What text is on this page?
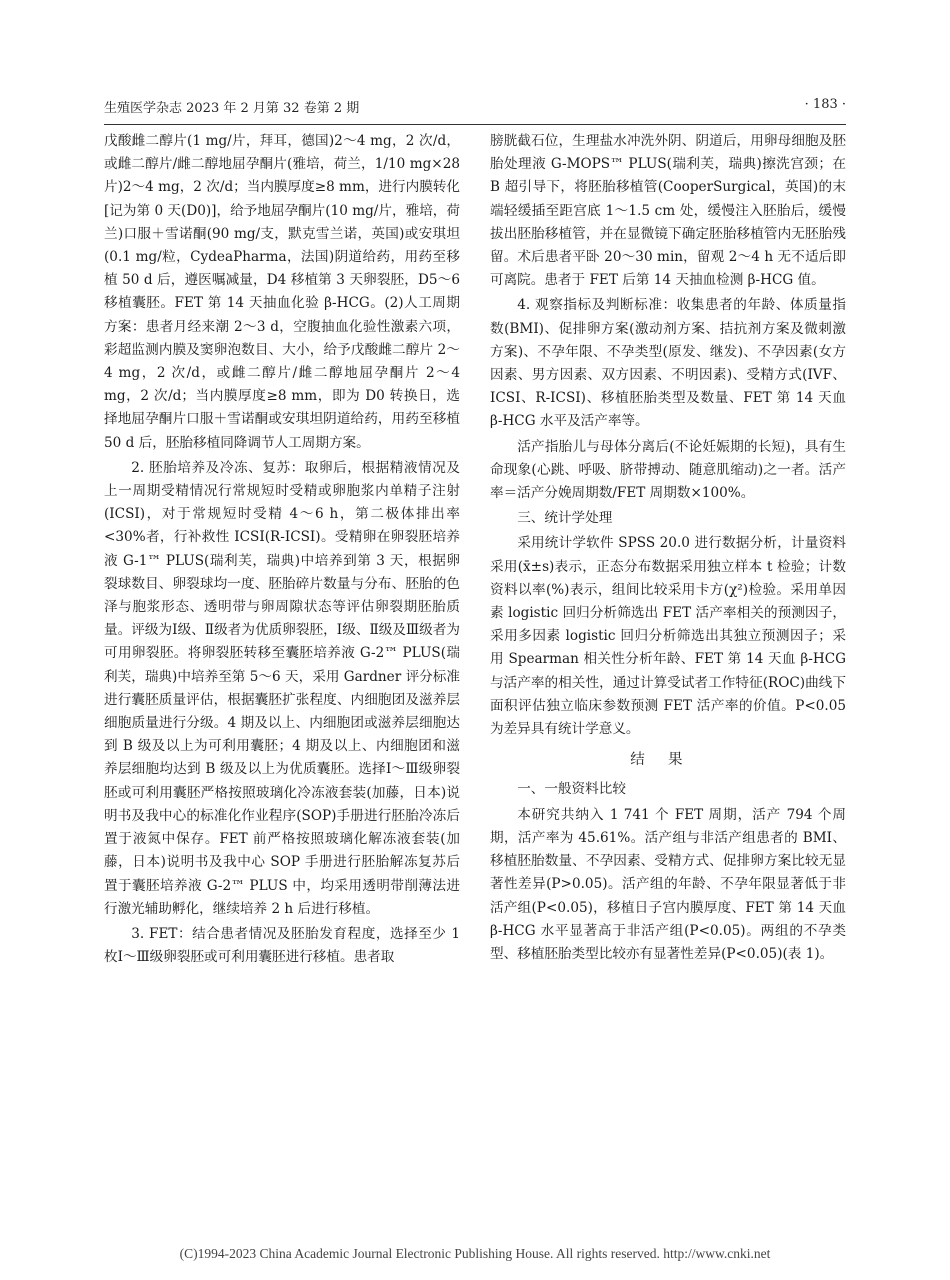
生殖医学杂志 2023 年 2 月第 32 卷第 2 期	· 183 ·

戊酸雌二醇片(1 mg/片，拜耳，德国)2～4 mg，2 次/d，或雌二醇片/雌二醇地屈孕酮片(雅培，荷兰，1/10 mg×28 片)2～4 mg，2 次/d；当内膜厚度≥8 mm，进行内膜转化[记为第 0 天(D0)]，给予地屈孕酮片(10 mg/片，雅培，荷兰)口服＋雪诺酮(90 mg/支，默克雪兰诺，英国)或安琪坦(0.1 mg/粒，CydeaPharma，法国)阴道给药，用药至移植 50 d 后，遵医嘱减量，D4 移植第 3 天卵裂胚，D5～6 移植囊胚。FET 第 14 天抽血化验 β-HCG。(2)人工周期方案：患者月经来潮 2～3 d，空腹抽血化验性激素六项，彩超监测内膜及窦卵泡数目、大小，给予戊酸雌二醇片 2～4 mg，2 次/d，或雌二醇片/雌二醇地屈孕酮片 2～4 mg，2 次/d；当内膜厚度≥8 mm，即为 D0 转换日，选择地屈孕酮片口服＋雪诺酮或安琪坦阴道给药，用药至移植 50 d 后，胚胎移植同降调节人工周期方案。

2. 胚胎培养及冷冻、复苏：取卵后，根据精液情况及上一周期受精情况行常规短时受精或卵胞浆内单精子注射(ICSI)，对于常规短时受精 4～6 h，第二极体排出率<30%者，行补救性 ICSI(R-ICSI)。受精卵在卵裂胚培养液 G-1™ PLUS(瑞利芙，瑞典)中培养到第 3 天，根据卵裂球数目、卵裂球均一度、胚胎碎片数量与分布、胚胎的色泽与胞浆形态、透明带与卵周隙状态等评估卵裂期胚胎质量。评级为Ⅰ级、Ⅱ级者为优质卵裂胚，Ⅰ级、Ⅱ级及Ⅲ级者为可用卵裂胚。将卵裂胚转移至囊胚培养液 G-2™ PLUS(瑞利芙，瑞典)中培养至第 5～6 天，采用 Gardner 评分标准进行囊胚质量评估，根据囊胚扩张程度、内细胞团及滋养层细胞质量进行分级。4 期及以上、内细胞团或滋养层细胞达到 B 级及以上为可利用囊胚；4 期及以上、内细胞团和滋养层细胞均达到 B 级及以上为优质囊胚。选择Ⅰ～Ⅲ级卵裂胚或可利用囊胚严格按照玻璃化冷冻液套装(加藤，日本)说明书及我中心的标准化作业程序(SOP)手册进行胚胎冷冻后置于液氮中保存。FET 前严格按照玻璃化解冻液套装(加藤，日本)说明书及我中心 SOP 手册进行胚胎解冻复苏后置于囊胚培养液 G-2™ PLUS 中，均采用透明带削薄法进行激光辅助孵化，继续培养 2 h 后进行移植。

3. FET：结合患者情况及胚胎发育程度，选择至少 1 枚Ⅰ～Ⅲ级卵裂胚或可利用囊胚进行移植。患者取

膀胱截石位，生理盐水冲洗外阴、阴道后，用卵母细胞及胚胎处理液 G-MOPS™ PLUS(瑞利芙，瑞典)擦洗宫颈；在 B 超引导下，将胚胎移植管(CooperSurgical，英国)的末端轻缓插至距宫底 1～1.5 cm 处，缓慢注入胚胎后，缓慢拔出胚胎移植管，并在显微镜下确定胚胎移植管内无胚胎残留。术后患者平卧 20～30 min，留观 2～4 h 无不适后即可离院。患者于 FET 后第 14 天抽血检测 β-HCG 值。

4. 观察指标及判断标准：收集患者的年龄、体质量指数(BMI)、促排卵方案(激动剂方案、拮抗剂方案及微刺激方案)、不孕年限、不孕类型(原发、继发)、不孕因素(女方因素、男方因素、双方因素、不明因素)、受精方式(IVF、ICSI、R-ICSI)、移植胚胎类型及数量、FET 第 14 天血 β-HCG 水平及活产率等。

活产指胎儿与母体分离后(不论妊娠期的长短)，具有生命现象(心跳、呼吸、脐带搏动、随意肌缩动)之一者。活产率＝活产分娩周期数/FET 周期数×100%。

三、统计学处理

采用统计学软件 SPSS 20.0 进行数据分析，计量资料采用(x̄±s)表示，正态分布数据采用独立样本 t 检验；计数资料以率(%)表示，组间比较采用卡方(χ²)检验。采用单因素 logistic 回归分析筛选出 FET 活产率相关的预测因子，采用多因素 logistic 回归分析筛选出其独立预测因子；采用 Spearman 相关性分析年龄、FET 第 14 天血 β-HCG 与活产率的相关性，通过计算受试者工作特征(ROC)曲线下面积评估独立临床参数预测 FET 活产率的价值。P<0.05 为差异具有统计学意义。

结果

一、一般资料比较

本研究共纳入 1 741 个 FET 周期，活产 794 个周期，活产率为 45.61%。活产组与非活产组患者的 BMI、移植胚胎数量、不孕因素、受精方式、促排卵方案比较无显著性差异(P>0.05)。活产组的年龄、不孕年限显著低于非活产组(P<0.05)，移植日子宫内膜厚度、FET 第 14 天血 β-HCG 水平显著高于非活产组(P<0.05)。两组的不孕类型、移植胚胎类型比较亦有显著性差异(P<0.05)(表 1)。

(C)1994-2023 China Academic Journal Electronic Publishing House. All rights reserved. http://www.cnki.net
